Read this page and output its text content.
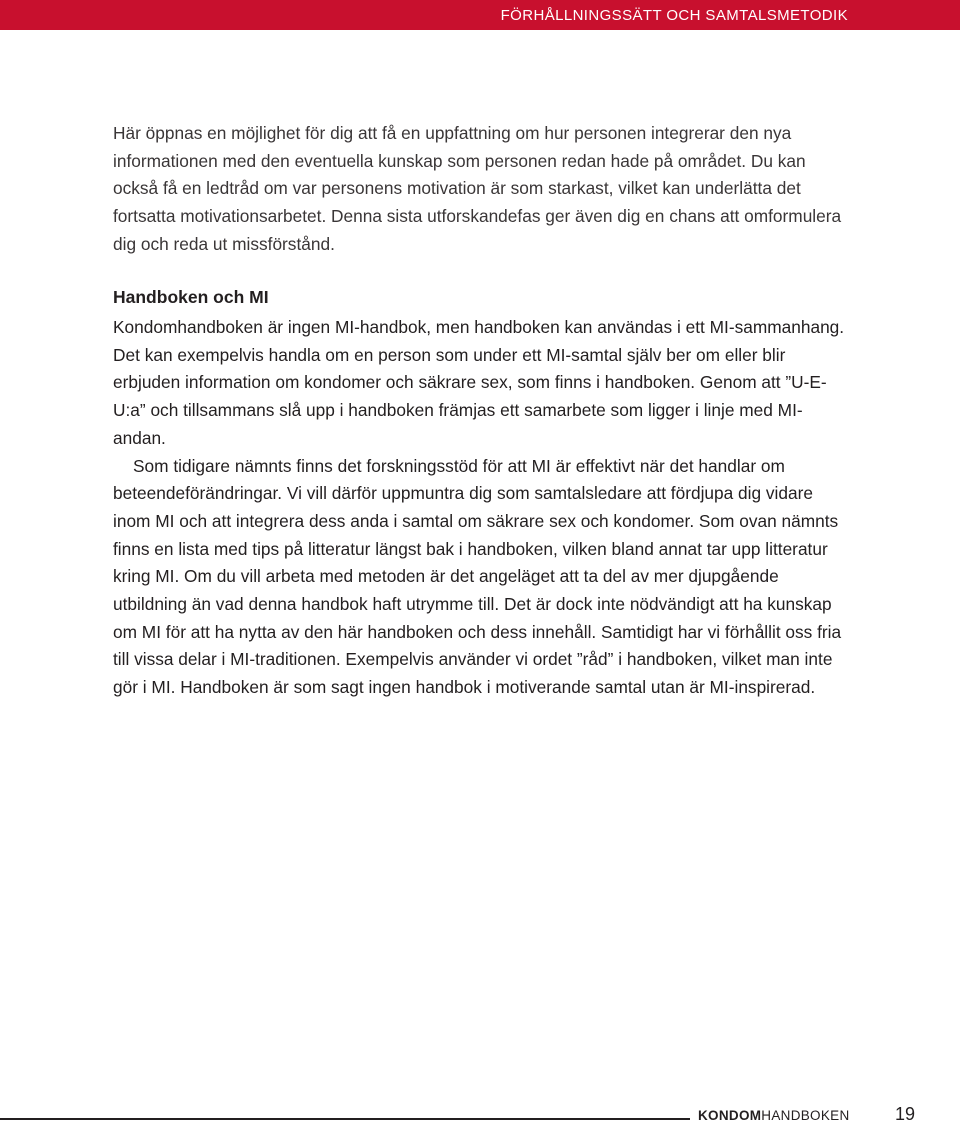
FÖRHÅLLNINGSSÄTT OCH SAMTALSMETODIK

Här öppnas en möjlighet för dig att få en uppfattning om hur personen integrerar den nya informationen med den eventuella kunskap som personen redan hade på området. Du kan också få en ledtråd om var personens motivation är som starkast, vilket kan underlätta det fortsatta motivationsarbetet. Denna sista utforskandefas ger även dig en chans att omformulera dig och reda ut missförstånd.

Handboken och MI

Kondomhandboken är ingen MI-handbok, men handboken kan användas i ett MI-sammanhang. Det kan exempelvis handla om en person som under ett MI-samtal själv ber om eller blir erbjuden information om kondomer och säkrare sex, som finns i handboken. Genom att ”U-E-U:a” och tillsammans slå upp i handboken främjas ett samarbete som ligger i linje med MI-andan.

Som tidigare nämnts finns det forskningsstöd för att MI är effektivt när det handlar om beteendeförändringar. Vi vill därför uppmuntra dig som samtalsledare att fördjupa dig vidare inom MI och att integrera dess anda i samtal om säkrare sex och kondomer. Som ovan nämnts finns en lista med tips på litteratur längst bak i handboken, vilken bland annat tar upp litteratur kring MI. Om du vill arbeta med metoden är det angeläget att ta del av mer djupgående utbildning än vad denna handbok haft utrymme till. Det är dock inte nödvändigt att ha kunskap om MI för att ha nytta av den här handboken och dess innehåll. Samtidigt har vi förhållit oss fria till vissa delar i MI-traditionen. Exempelvis använder vi ordet ”råd” i handboken, vilket man inte gör i MI. Handboken är som sagt ingen handbok i motiverande samtal utan är MI-inspirerad.

KONDOMHANDBOKEN	19
